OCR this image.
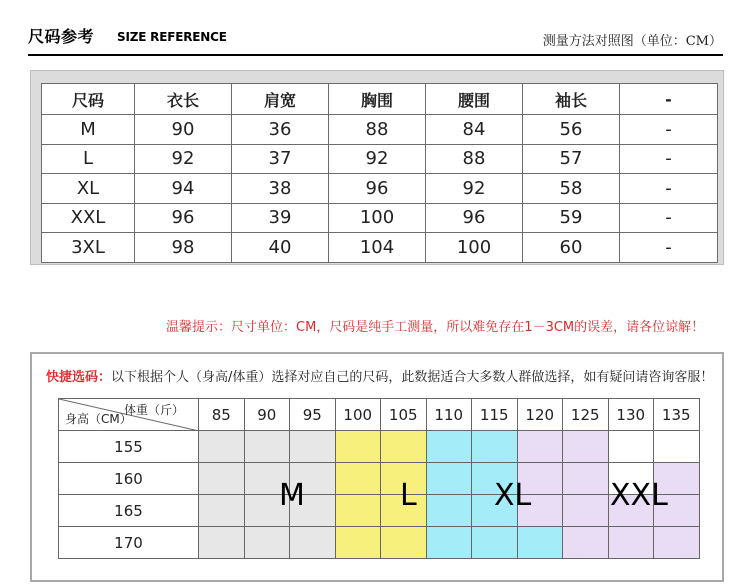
尺码参考 SIZE REFERENCE	测量方法对照图（单位：CM）
尺码	衣长	肩宽	胸围	腰围	袖长	-
M	90	36	88	84	56	-
L	92	37	92	88	57	-
XL	94	38	96	92	58	-
XXL	96	39	100	96	59	-
3XL	98	40	104	100	60	-
温馨提示：尺寸单位：CM，尺码是纯手工测量，所以难免存在1－3CM的误差，请各位谅解！
快捷选码：以下根据个人（身高/体重）选择对应自己的尺码，此数据适合大多数人群做选择，如有疑问请咨询客服！
体重（斤）
身高（CM）	85	90	95	100	105	110	115	120	125	130	135
155
160
165
170
M	L	XL	XXL
